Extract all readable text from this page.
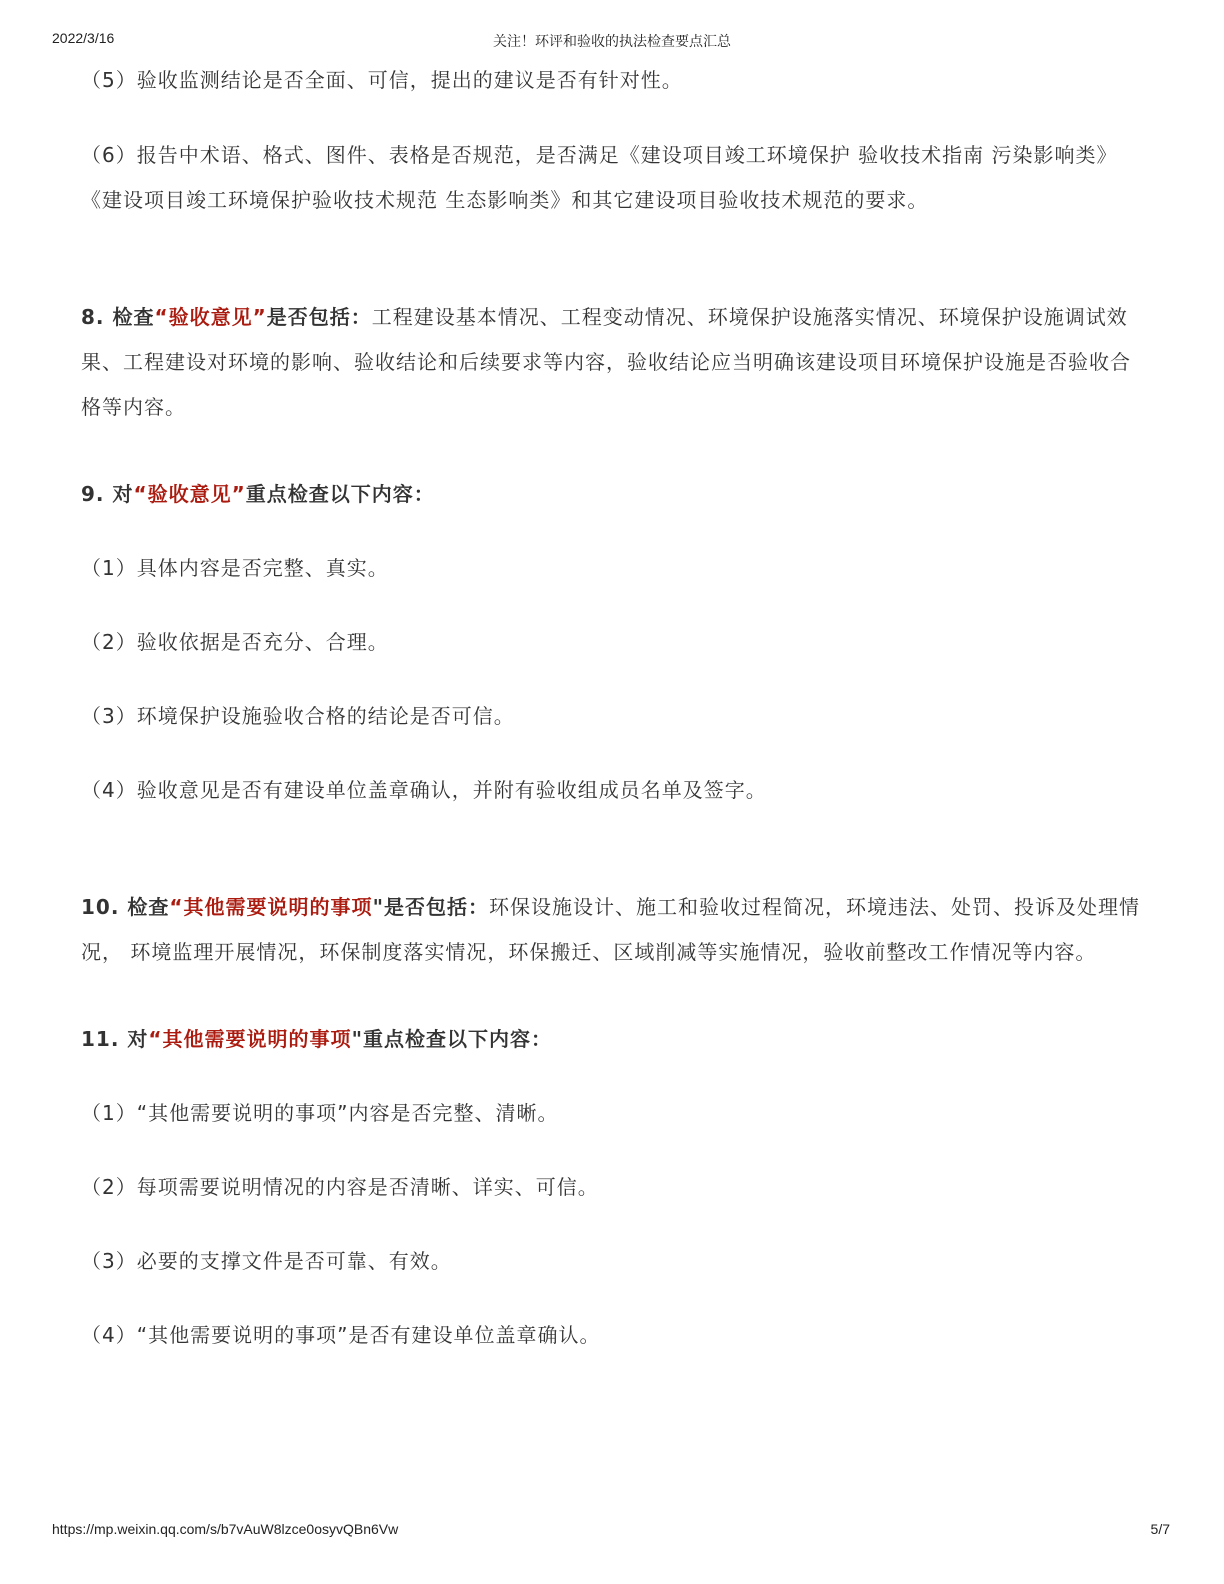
2022/3/16	关注！环评和验收的执法检查要点汇总

（5）验收监测结论是否全面、可信，提出的建议是否有针对性。

（6）报告中术语、格式、图件、表格是否规范，是否满足《建设项目竣工环境保护 验收技术指南 污染影响类》《建设项目竣工环境保护验收技术规范 生态影响类》和其它建设项目验收技术规范的要求。

8. 检查“验收意见”是否包括：工程建设基本情况、工程变动情况、环境保护设施落实情况、环境保护设施调试效果、工程建设对环境的影响、验收结论和后续要求等内容，验收结论应当明确该建设项目环境保护设施是否验收合格等内容。

9. 对“验收意见”重点检查以下内容：

（1）具体内容是否完整、真实。

（2）验收依据是否充分、合理。

（3）环境保护设施验收合格的结论是否可信。

（4）验收意见是否有建设单位盖章确认，并附有验收组成员名单及签字。

10. 检查“其他需要说明的事项"是否包括：环保设施设计、施工和验收过程简况，环境违法、处罚、投诉及处理情况， 环境监理开展情况，环保制度落实情况，环保搬迁、区域削减等实施情况，验收前整改工作情况等内容。

11. 对“其他需要说明的事项"重点检查以下内容：

（1）“其他需要说明的事项”内容是否完整、清晰。

（2）每项需要说明情况的内容是否清晰、详实、可信。

（3）必要的支撑文件是否可靠、有效。

（4）“其他需要说明的事项”是否有建设单位盖章确认。

https://mp.weixin.qq.com/s/b7vAuW8lzce0osyvQBn6Vw	5/7
